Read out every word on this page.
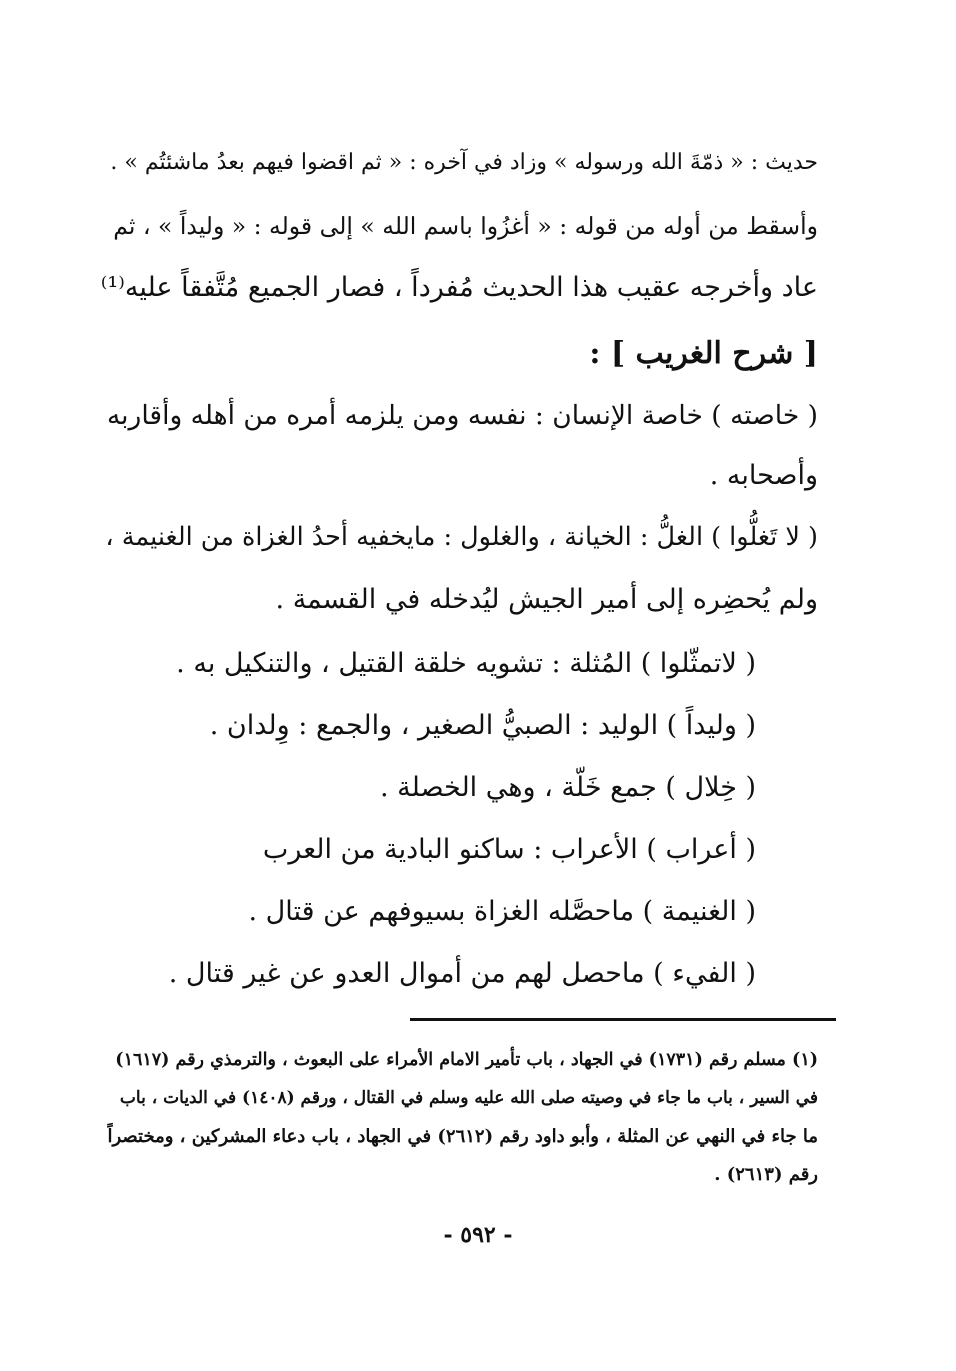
حديث : « ذمّةَ الله ورسوله » وزاد في آخره : « ثم اقضوا فيهم بعدُ ماشئتُم » .
وأسقط من أوله من قوله : « أغزُوا باسم الله » إلى قوله : « وليداً » ، ثم
عاد وأخرجه عقيب هذا الحديث مُفرداً ، فصار الجميع مُتَّفقاً عليه⁽¹⁾
[ شرح الغريب ] :
( خاصته ) خاصة الإنسان : نفسه ومن يلزمه أمره من أهله وأقاربه
وأصحابه .
( لا تَغلُّوا ) الغلُّ : الخيانة ، والغلول : مايخفيه أحدُ الغزاة من الغنيمة ،
ولم يُحضِره إلى أمير الجيش ليُدخله في القسمة .
( لاتمثّلوا ) المُثلة : تشويه خلقة القتيل ، والتنكيل به .
( وليداً ) الوليد : الصبيُّ الصغير ، والجمع : وِلدان .
( خِلال ) جمع خَلّة ، وهي الخصلة .
( أعراب ) الأعراب : ساكنو البادية من العرب
( الغنيمة ) ماحصَّله الغزاة بسيوفهم عن قتال .
( الفيء ) ماحصل لهم من أموال العدو عن غير قتال .
(١) مسلم رقم (١٧٣١) في الجهاد ، باب تأمير الامام الأمراء على البعوث ، والترمذي رقم (١٦١٧)
في السير ، باب ما جاء في وصيته صلى الله عليه وسلم في القتال ، ورقم (١٤٠٨) في الديات ، باب
ما جاء في النهي عن المثلة ، وأبو داود رقم (٢٦١٢) في الجهاد ، باب دعاء المشركين ، ومختصراً
رقم (٢٦١٣) .
- ٥٩٢ -
